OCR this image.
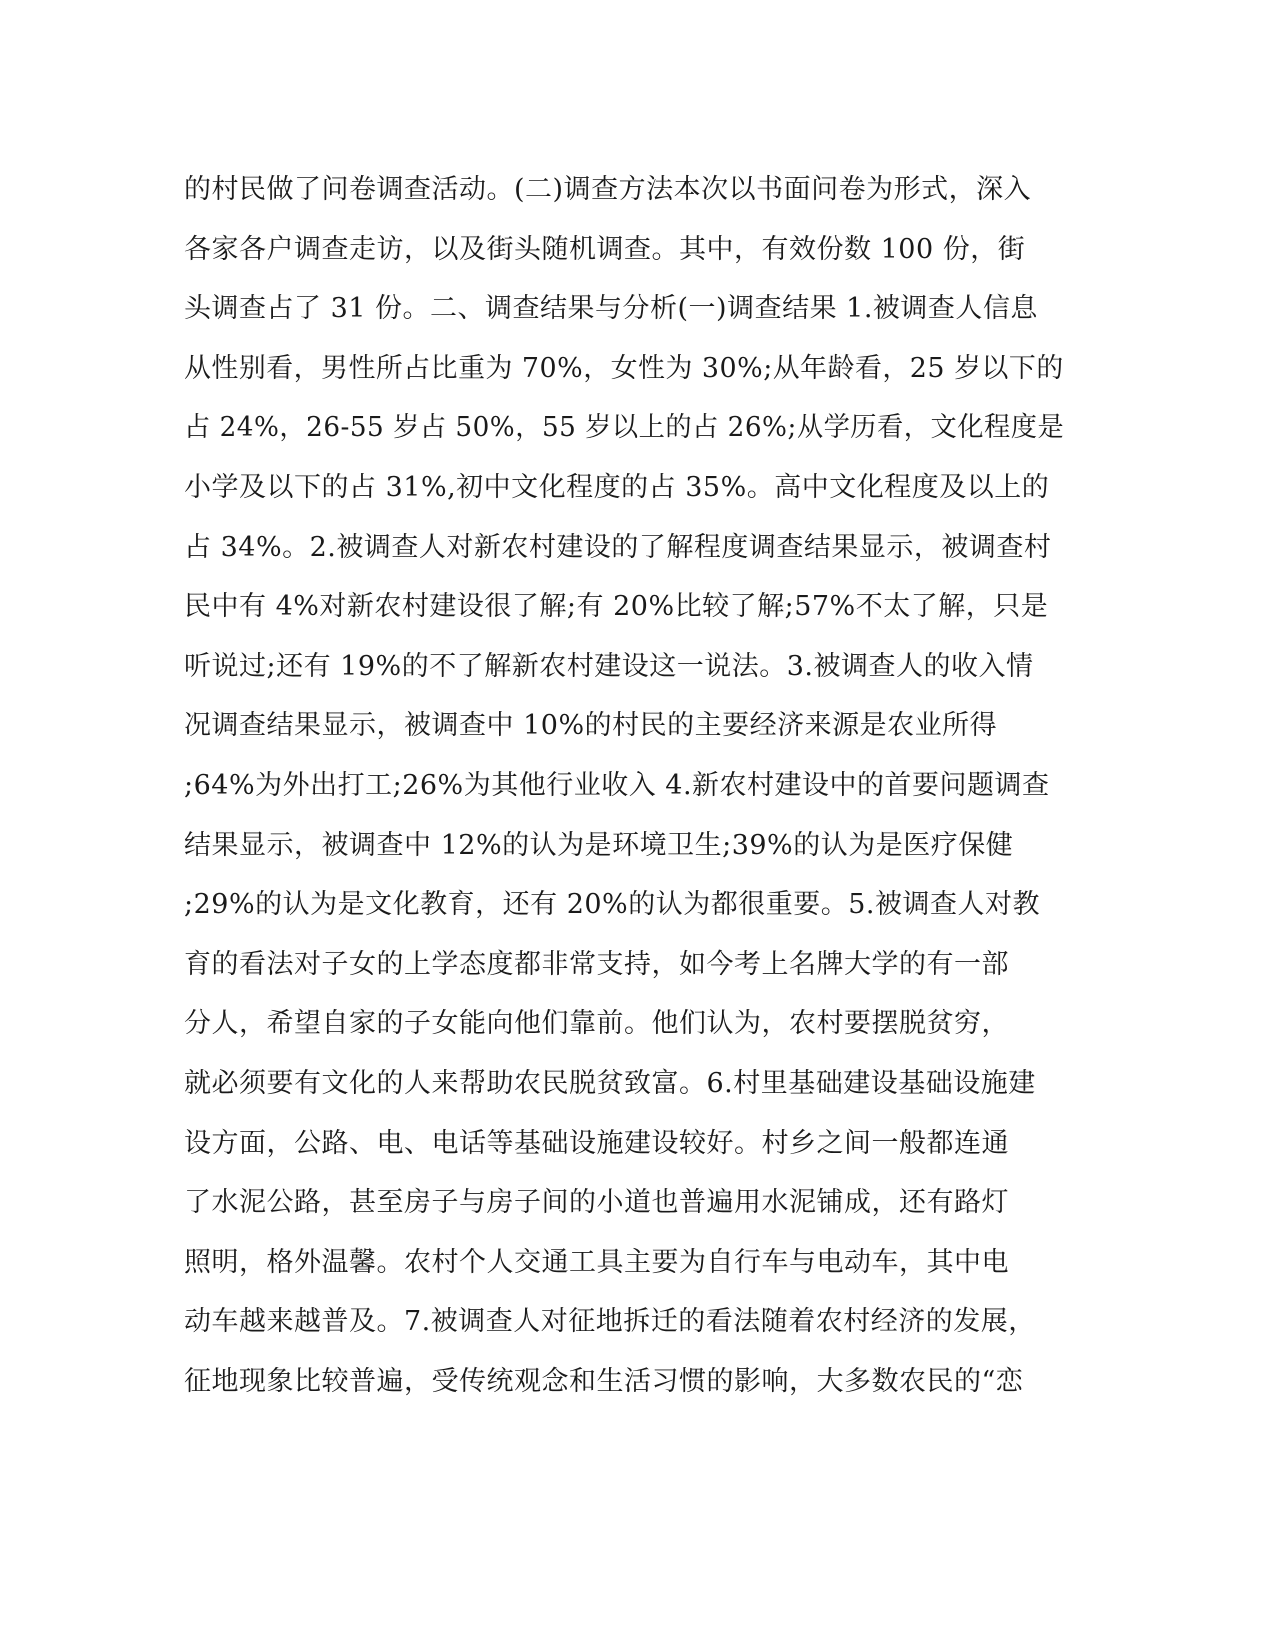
的村民做了问卷调查活动。(二)调查方法本次以书面问卷为形式，深入
各家各户调查走访，以及街头随机调查。其中，有效份数 100 份，街
头调查占了 31 份。二、调查结果与分析(一)调查结果 1.被调查人信息
从性别看，男性所占比重为 70%，女性为 30%;从年龄看，25 岁以下的
占 24%，26-55 岁占 50%，55 岁以上的占 26%;从学历看，文化程度是
小学及以下的占 31%,初中文化程度的占 35%。高中文化程度及以上的
占 34%。2.被调查人对新农村建设的了解程度调查结果显示，被调查村
民中有 4%对新农村建设很了解;有 20%比较了解;57%不太了解，只是
听说过;还有 19%的不了解新农村建设这一说法。3.被调查人的收入情
况调查结果显示，被调查中 10%的村民的主要经济来源是农业所得
;64%为外出打工;26%为其他行业收入 4.新农村建设中的首要问题调查
结果显示，被调查中 12%的认为是环境卫生;39%的认为是医疗保健
;29%的认为是文化教育，还有 20%的认为都很重要。5.被调查人对教
育的看法对子女的上学态度都非常支持，如今考上名牌大学的有一部
分人，希望自家的子女能向他们靠前。他们认为，农村要摆脱贫穷，
就必须要有文化的人来帮助农民脱贫致富。6.村里基础建设基础设施建
设方面，公路、电、电话等基础设施建设较好。村乡之间一般都连通
了水泥公路，甚至房子与房子间的小道也普遍用水泥铺成，还有路灯
照明，格外温馨。农村个人交通工具主要为自行车与电动车，其中电
动车越来越普及。7.被调查人对征地拆迁的看法随着农村经济的发展，
征地现象比较普遍，受传统观念和生活习惯的影响，大多数农民的“恋
